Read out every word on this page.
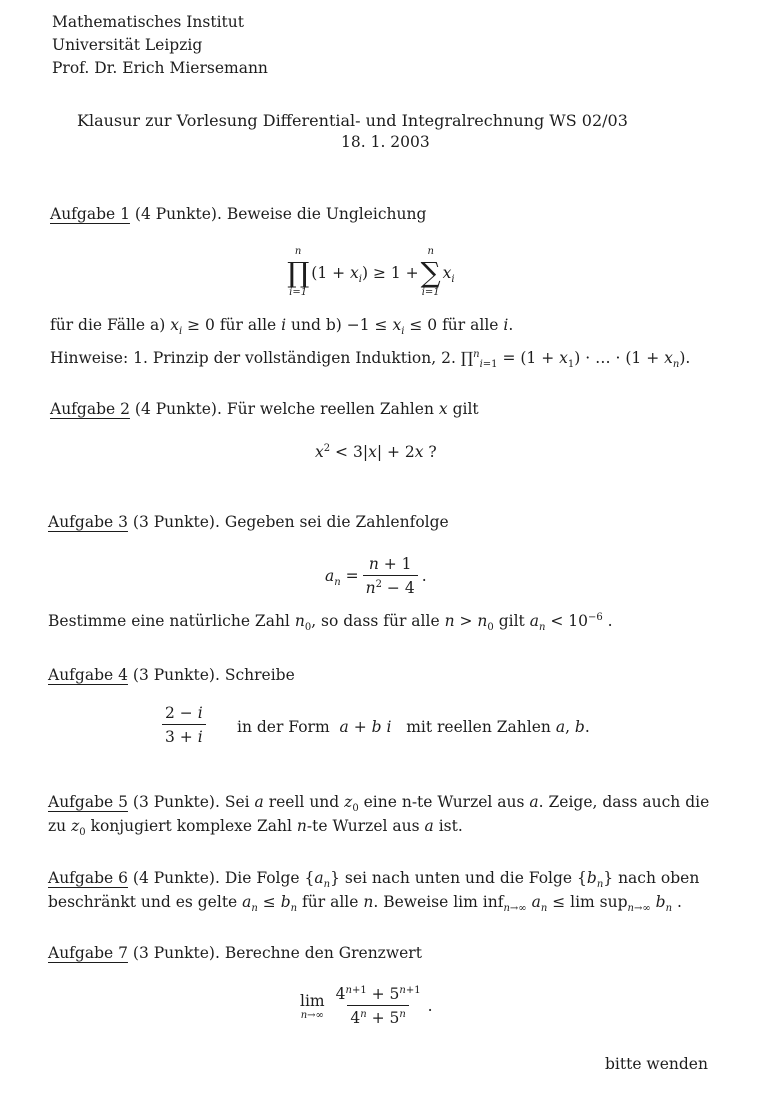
Mathematisches Institut
Universität Leipzig
Prof. Dr. Erich Miersemann
Klausur zur Vorlesung Differential- und Integralrechnung WS 02/03
18. 1. 2003
Aufgabe 1 (4 Punkte). Beweise die Ungleichung
n
∏
i=1
$(1 + x_i) \ge 1$ +
n
∑
i=1
$x_i$
für die Fälle a) $x_i \ge 0$ für alle i und $b) -1 \le x_i \le 0$ für alle i.
Hinweise: 1. Prinzip der vollständigen Induktion, 2. ∏$^n_{i=1}$ = $(1 + x_1)$ · … · $(1 + x_n)$.
Aufgabe 2 (4 Punkte). Für welche reellen Zahlen x gilt
$x^2 < 3|x| + 2x$ ?
Aufgabe 3 (3 Punkte). Gegeben sei die Zahlenfolge
$a_n = \frac{n + 1}{n^2 - 4}$ .
Bestimme eine natürliche Zahl $n_0$, so dass für alle $n > n_0$ gilt $a_n < 10^{-6}$ .
Aufgabe 4 (3 Punkte). Schreibe
$\frac{2 - i}{3 + i}$ in der Form a + b i mit reellen Zahlen a, b.
Aufgabe 5 (3 Punkte). Sei a reell und $z_0$ eine n-te Wurzel aus a. Zeige, dass auch die
zu $z_0$ konjugiert komplexe Zahl n-te Wurzel aus a ist.
Aufgabe 6 (4 Punkte). Die Folge $\{a_n\}$ sei nach unten und die Folge $\{b_n\}$ nach oben
beschränkt und es gelte $a_n \le b_n$ für alle n. Beweise lim inf$_{n\to\infty}$ $a_n \le \lim sup_{n\to\infty}$ $b_n$ .
Aufgabe 7 (3 Punkte). Berechne den Grenzwert
lim
$n\to\infty \frac{4^{n+1} + 5^{n+1}}{4^n + 5^n}$ .
bitte wenden
